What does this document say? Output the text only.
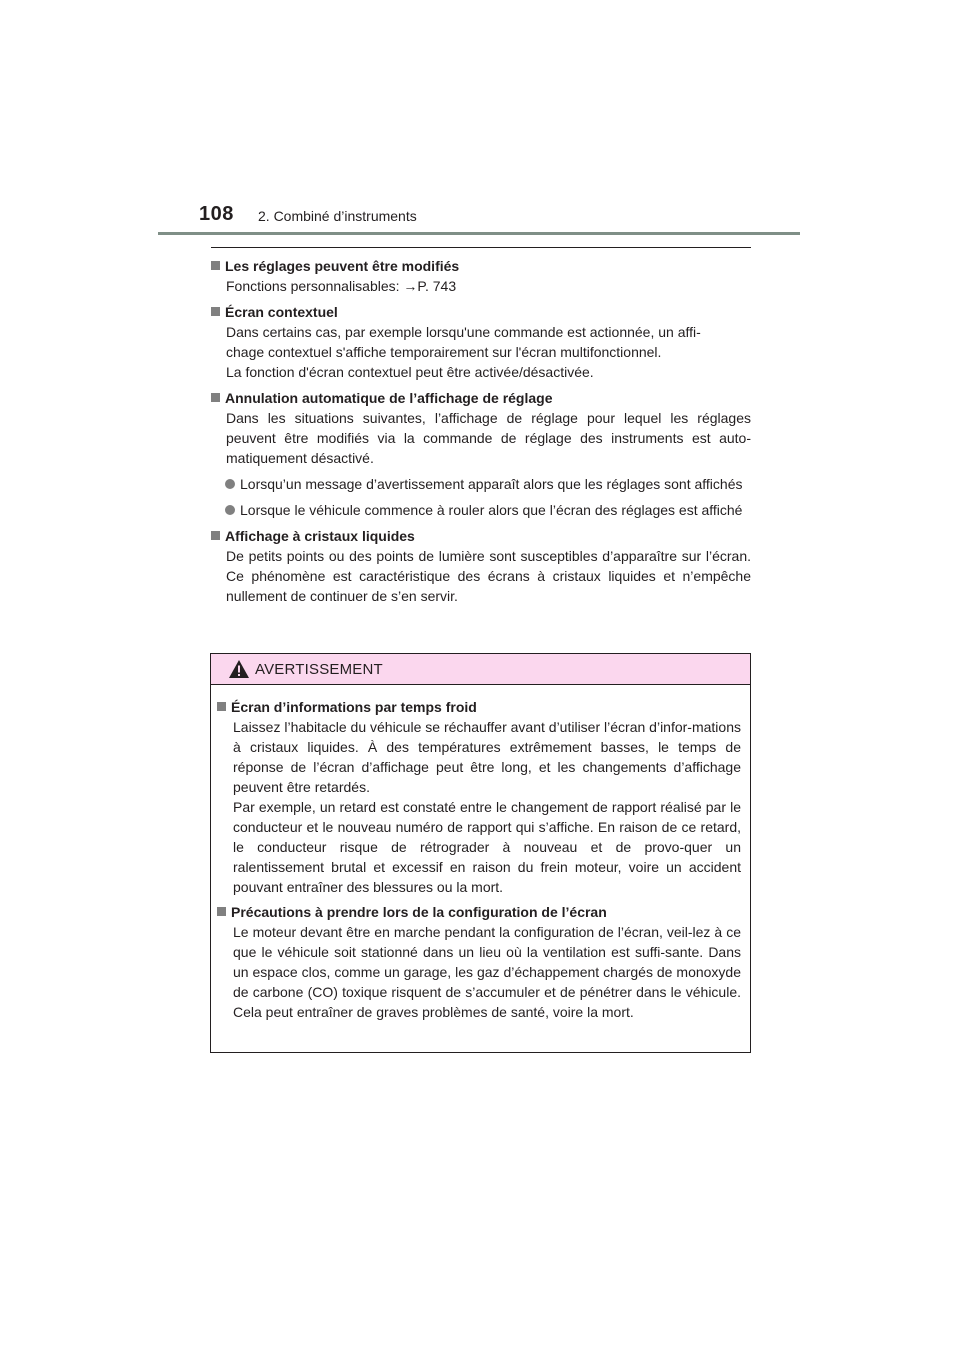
108 2. Combiné d’instruments
Les réglages peuvent être modifiés
Fonctions personnalisables: →P. 743
Écran contextuel
Dans certains cas, par exemple lorsqu'une commande est actionnée, un affi-
chage contextuel s'affiche temporairement sur l'écran multifonctionnel.
La fonction d'écran contextuel peut être activée/désactivée.
Annulation automatique de l’affichage de réglage
Dans les situations suivantes, l’affichage de réglage pour lequel les réglages peuvent être modifiés via la commande de réglage des instruments est auto-matiquement désactivé.
Lorsqu’un message d’avertissement apparaît alors que les réglages sont affichés
Lorsque le véhicule commence à rouler alors que l’écran des réglages est affiché
Affichage à cristaux liquides
De petits points ou des points de lumière sont susceptibles d’apparaître sur l’écran. Ce phénomène est caractéristique des écrans à cristaux liquides et n’empêche nullement de continuer de s’en servir.
AVERTISSEMENT
Écran d’informations par temps froid
Laissez l’habitacle du véhicule se réchauffer avant d’utiliser l’écran d’infor-mations à cristaux liquides. À des températures extrêmement basses, le temps de réponse de l’écran d’affichage peut être long, et les changements d’affichage peuvent être retardés.
Par exemple, un retard est constaté entre le changement de rapport réalisé par le conducteur et le nouveau numéro de rapport qui s’affiche. En raison de ce retard, le conducteur risque de rétrograder à nouveau et de provo-quer un ralentissement brutal et excessif en raison du frein moteur, voire un accident pouvant entraîner des blessures ou la mort.
Précautions à prendre lors de la configuration de l’écran
Le moteur devant être en marche pendant la configuration de l’écran, veil-lez à ce que le véhicule soit stationné dans un lieu où la ventilation est suffi-sante. Dans un espace clos, comme un garage, les gaz d’échappement chargés de monoxyde de carbone (CO) toxique risquent de s’accumuler et de pénétrer dans le véhicule. Cela peut entraîner de graves problèmes de santé, voire la mort.
